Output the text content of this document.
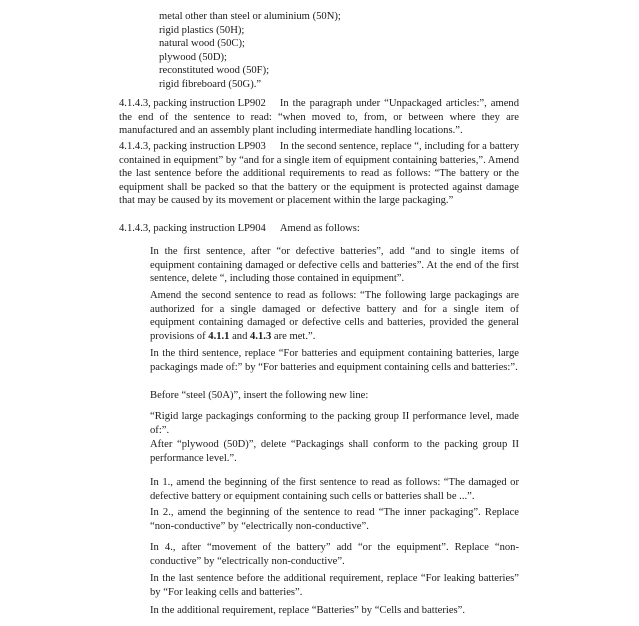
metal other than steel or aluminium (50N);
rigid plastics (50H);
natural wood (50C);
plywood (50D);
reconstituted wood (50F);
rigid fibreboard (50G).”
4.1.4.3, packing instruction LP902 In the paragraph under “Unpackaged articles:”, amend the end of the sentence to read: “when moved to, from, or between where they are manufactured and an assembly plant including intermediate handling locations.”.
4.1.4.3, packing instruction LP903 In the second sentence, replace “, including for a battery contained in equipment” by “and for a single item of equipment containing batteries,”. Amend the last sentence before the additional requirements to read as follows: “The battery or the equipment shall be packed so that the battery or the equipment is protected against damage that may be caused by its movement or placement within the large packaging.”
4.1.4.3, packing instruction LP904 Amend as follows:
In the first sentence, after “or defective batteries”, add “and to single items of equipment containing damaged or defective cells and batteries”. At the end of the first sentence, delete “, including those contained in equipment”.
Amend the second sentence to read as follows: “The following large packagings are authorized for a single damaged or defective battery and for a single item of equipment containing damaged or defective cells and batteries, provided the general provisions of 4.1.1 and 4.1.3 are met.”.
In the third sentence, replace “For batteries and equipment containing batteries, large packagings made of:” by “For batteries and equipment containing cells and batteries:”.
Before “steel (50A)”, insert the following new line:
“Rigid large packagings conforming to the packing group II performance level, made of:”.
After “plywood (50D)”, delete “Packagings shall conform to the packing group II performance level.”.
In 1., amend the beginning of the first sentence to read as follows: “The damaged or defective battery or equipment containing such cells or batteries shall be ...”.
In 2., amend the beginning of the sentence to read “The inner packaging”. Replace “non-conductive” by “electrically non-conductive”.
In 4., after “movement of the battery” add “or the equipment”. Replace “non-conductive” by “electrically non-conductive”.
In the last sentence before the additional requirement, replace “For leaking batteries” by “For leaking cells and batteries”.
In the additional requirement, replace “Batteries” by “Cells and batteries”.
